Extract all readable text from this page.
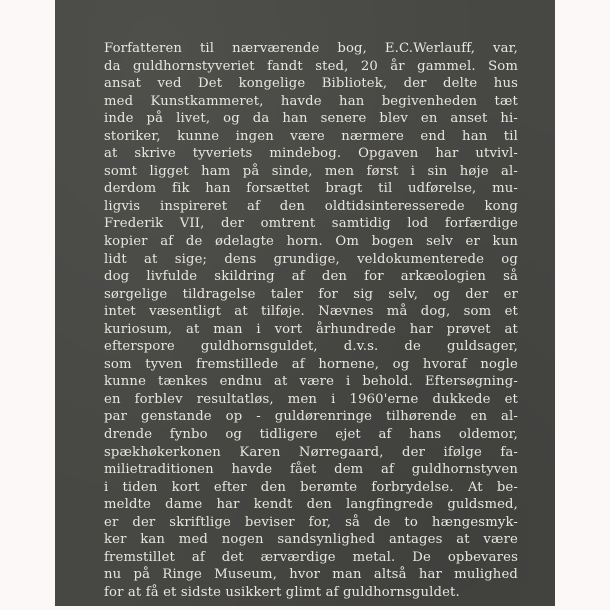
Forfatteren til nærværende bog, E.C.Werlauff, var,
da guldhornstyveriet fandt sted, 20 år gammel. Som
ansat ved Det kongelige Bibliotek, der delte hus
med Kunstkammeret, havde han begivenheden tæt
inde på livet, og da han senere blev en anset hi-
storiker, kunne ingen være nærmere end han til
at skrive tyveriets mindebog. Opgaven har utvivl-
somt ligget ham på sinde, men først i sin høje al-
derdom fik han forsættet bragt til udførelse, mu-
ligvis inspireret af den oldtidsinteresserede kong
Frederik VII, der omtrent samtidig lod forfærdige
kopier af de ødelagte horn. Om bogen selv er kun
lidt at sige; dens grundige, veldokumenterede og
dog livfulde skildring af den for arkæologien så
sørgelige tildragelse taler for sig selv, og der er
intet væsentligt at tilføje. Nævnes må dog, som et
kuriosum, at man i vort århundrede har prøvet at
efterspore guldhornsguldet, d.v.s. de guldsager,
som tyven fremstillede af hornene, og hvoraf nogle
kunne tænkes endnu at være i behold. Eftersøgning-
en forblev resultatløs, men i 1960'erne dukkede et
par genstande op - guldørenringe tilhørende en al-
drende fynbo og tidligere ejet af hans oldemor,
spækhøkerkonen Karen Nørregaard, der ifølge fa-
milietraditionen havde fået dem af guldhornstyven
i tiden kort efter den berømte forbrydelse. At be-
meldte dame har kendt den langfingrede guldsmed,
er der skriftlige beviser for, så de to hængesmyk-
ker kan med nogen sandsynlighed antages at være
fremstillet af det ærværdige metal. De opbevares
nu på Ringe Museum, hvor man altså har mulighed
for at få et sidste usikkert glimt af guldhornsguldet.
